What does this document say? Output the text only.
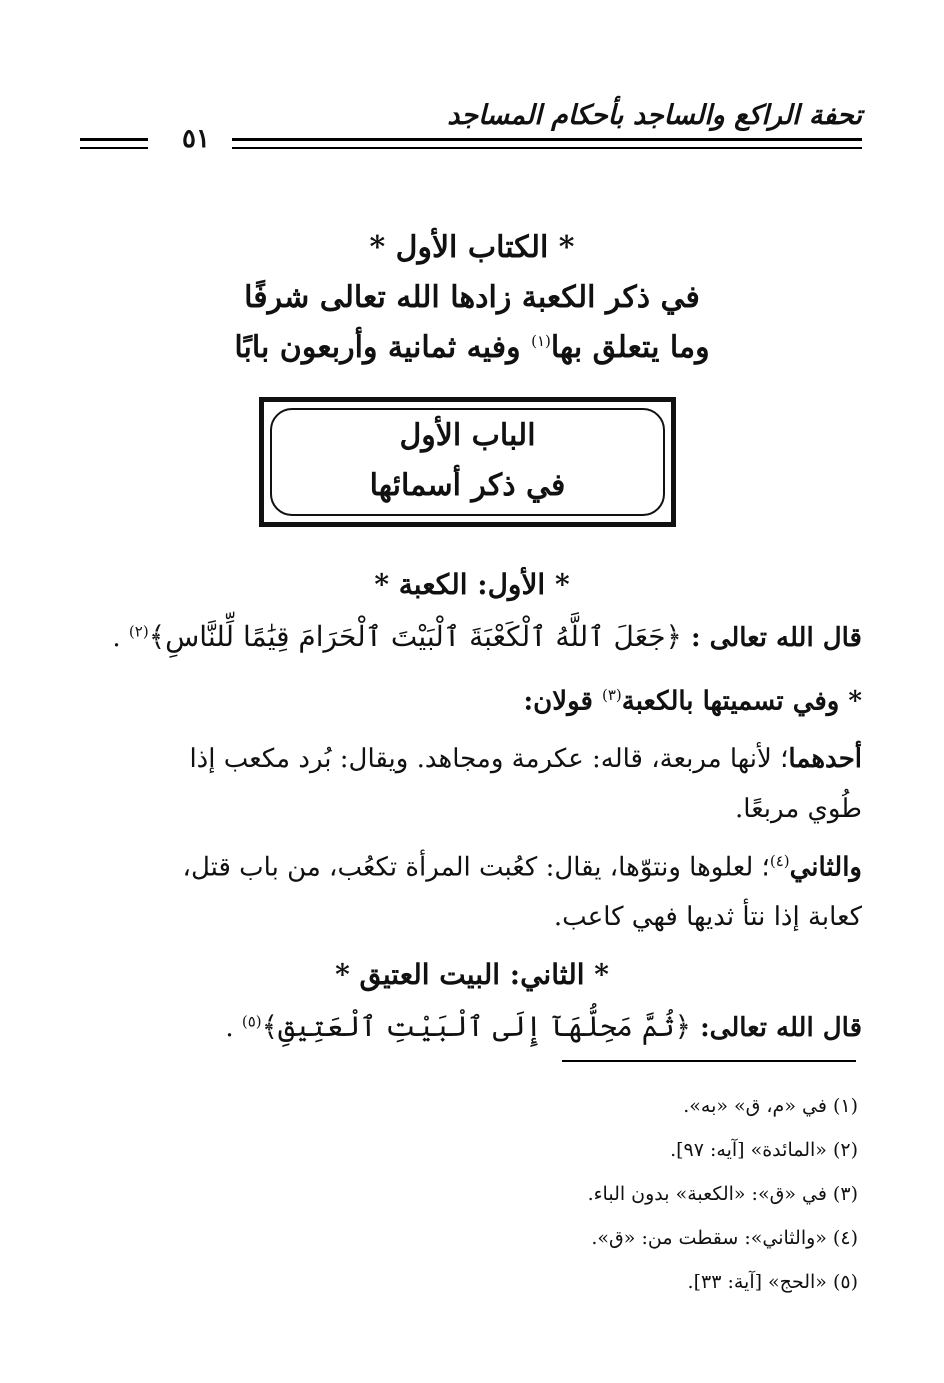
تحفة الراكع والساجد بأحكام المساجد
٥١
* الكتاب الأول *
في ذكر الكعبة زادها الله تعالى شرفًا
وما يتعلق بها$^{(١)}$ وفيه ثمانية وأربعون بابًا
الباب الأول
في ذكر أسمائها
* الأول: الكعبة *
قال الله تعالى : ﴿جَعَلَ ٱللَّهُ ٱلْكَعْبَةَ ٱلْبَيْتَ ٱلْحَرَامَ قِيَٰمًا لِّلنَّاسِ﴾$^{(٢)}$ .
* وفي تسميتها بالكعبة$^{(٣)}$ قولان:
أحدهما؛ لأنها مربعة، قاله: عكرمة ومجاهد. ويقال: بُرد مكعب إذا
طُوي مربعًا.
والثاني$^{(٤)}$؛ لعلوها ونتوّها، يقال: كعُبت المرأة تكعُب، من باب قتل،
كعابة إذا نتأ ثديها فهي كاعب.
* الثاني: البيت العتيق *
قال الله تعالى: ﴿ثُمَّ مَحِلُّهَآ إِلَى ٱلْبَيْتِ ٱلْعَتِيقِ﴾$^{(٥)}$ .
(١) في «م، ق» «به».
(٢) «المائدة» [آيه: ٩٧].
(٣) في «ق»: «الكعبة» بدون الباء.
(٤) «والثاني»: سقطت من: «ق».
(٥) «الحج» [آية: ٣٣].
